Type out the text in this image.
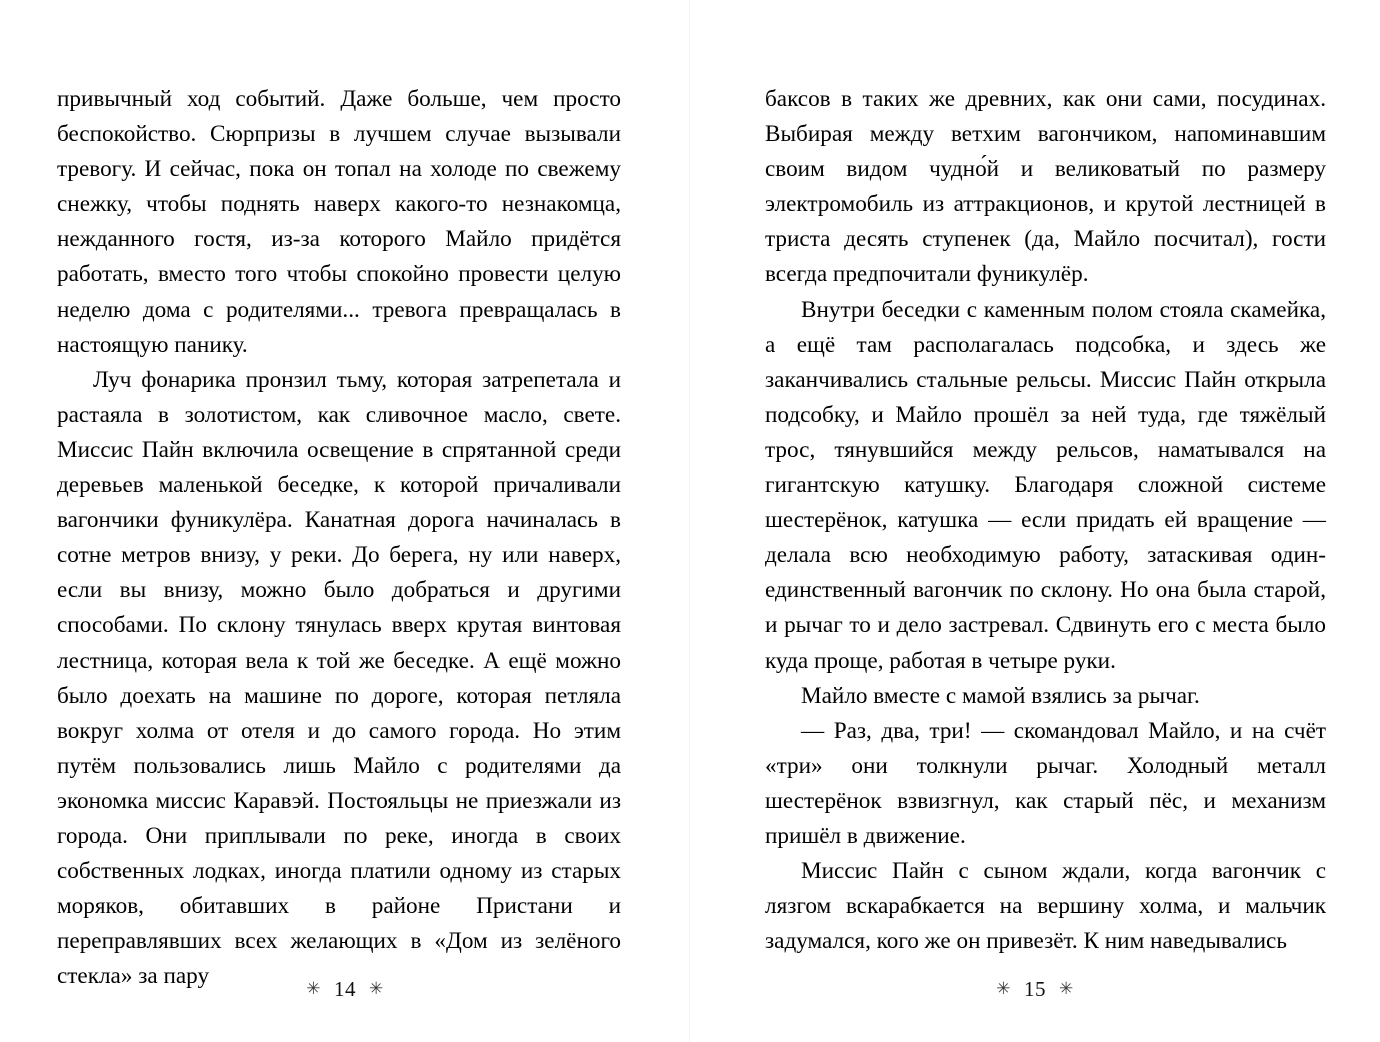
привычный ход событий. Даже больше, чем просто беспокойство. Сюрпризы в лучшем случае вызывали тревогу. И сейчас, пока он топал на холоде по свежему снежку, чтобы поднять наверх какого-то незнакомца, нежданного гостя, из-за которого Майло придётся работать, вместо того чтобы спокойно провести целую неделю дома с родителями... тревога превращалась в настоящую панику.

Луч фонарика пронзил тьму, которая затрепетала и растаяла в золотистом, как сливочное масло, свете. Миссис Пайн включила освещение в спрятанной среди деревьев маленькой беседке, к которой причаливали вагончики фуникулёра. Канатная дорога начиналась в сотне метров внизу, у реки. До берега, ну или наверх, если вы внизу, можно было добраться и другими способами. По склону тянулась вверх крутая винтовая лестница, которая вела к той же беседке. А ещё можно было доехать на машине по дороге, которая петляла вокруг холма от отеля и до самого города. Но этим путём пользовались лишь Майло с родителями да экономка миссис Каравэй. Постояльцы не приезжали из города. Они приплывали по реке, иногда в своих собственных лодках, иногда платили одному из старых моряков, обитавших в районе Пристани и переправлявших всех желающих в «Дом из зелёного стекла» за пару	✳ 14 ✳

баксов в таких же древних, как они сами, посудинах. Выбирая между ветхим вагончиком, напоминавшим своим видом чудно́й и великоватый по размеру электромобиль из аттракционов, и крутой лестницей в триста десять ступенек (да, Майло посчитал), гости всегда предпочитали фуникулёр.

Внутри беседки с каменным полом стояла скамейка, а ещё там располагалась подсобка, и здесь же заканчивались стальные рельсы. Миссис Пайн открыла подсобку, и Майло прошёл за ней туда, где тяжёлый трос, тянувшийся между рельсов, наматывался на гигантскую катушку. Благодаря сложной системе шестерёнок, катушка — если придать ей вращение — делала всю необходимую работу, затаскивая один-единственный вагончик по склону. Но она была старой, и рычаг то и дело застревал. Сдвинуть его с места было куда проще, работая в четыре руки.

Майло вместе с мамой взялись за рычаг.

— Раз, два, три! — скомандовал Майло, и на счёт «три» они толкнули рычаг. Холодный металл шестерёнок взвизгнул, как старый пёс, и механизм пришёл в движение.

Миссис Пайн с сыном ждали, когда вагончик с лязгом вскарабкается на вершину холма, и мальчик задумался, кого же он привезёт. К ним наведывались

✳ 15 ✳
